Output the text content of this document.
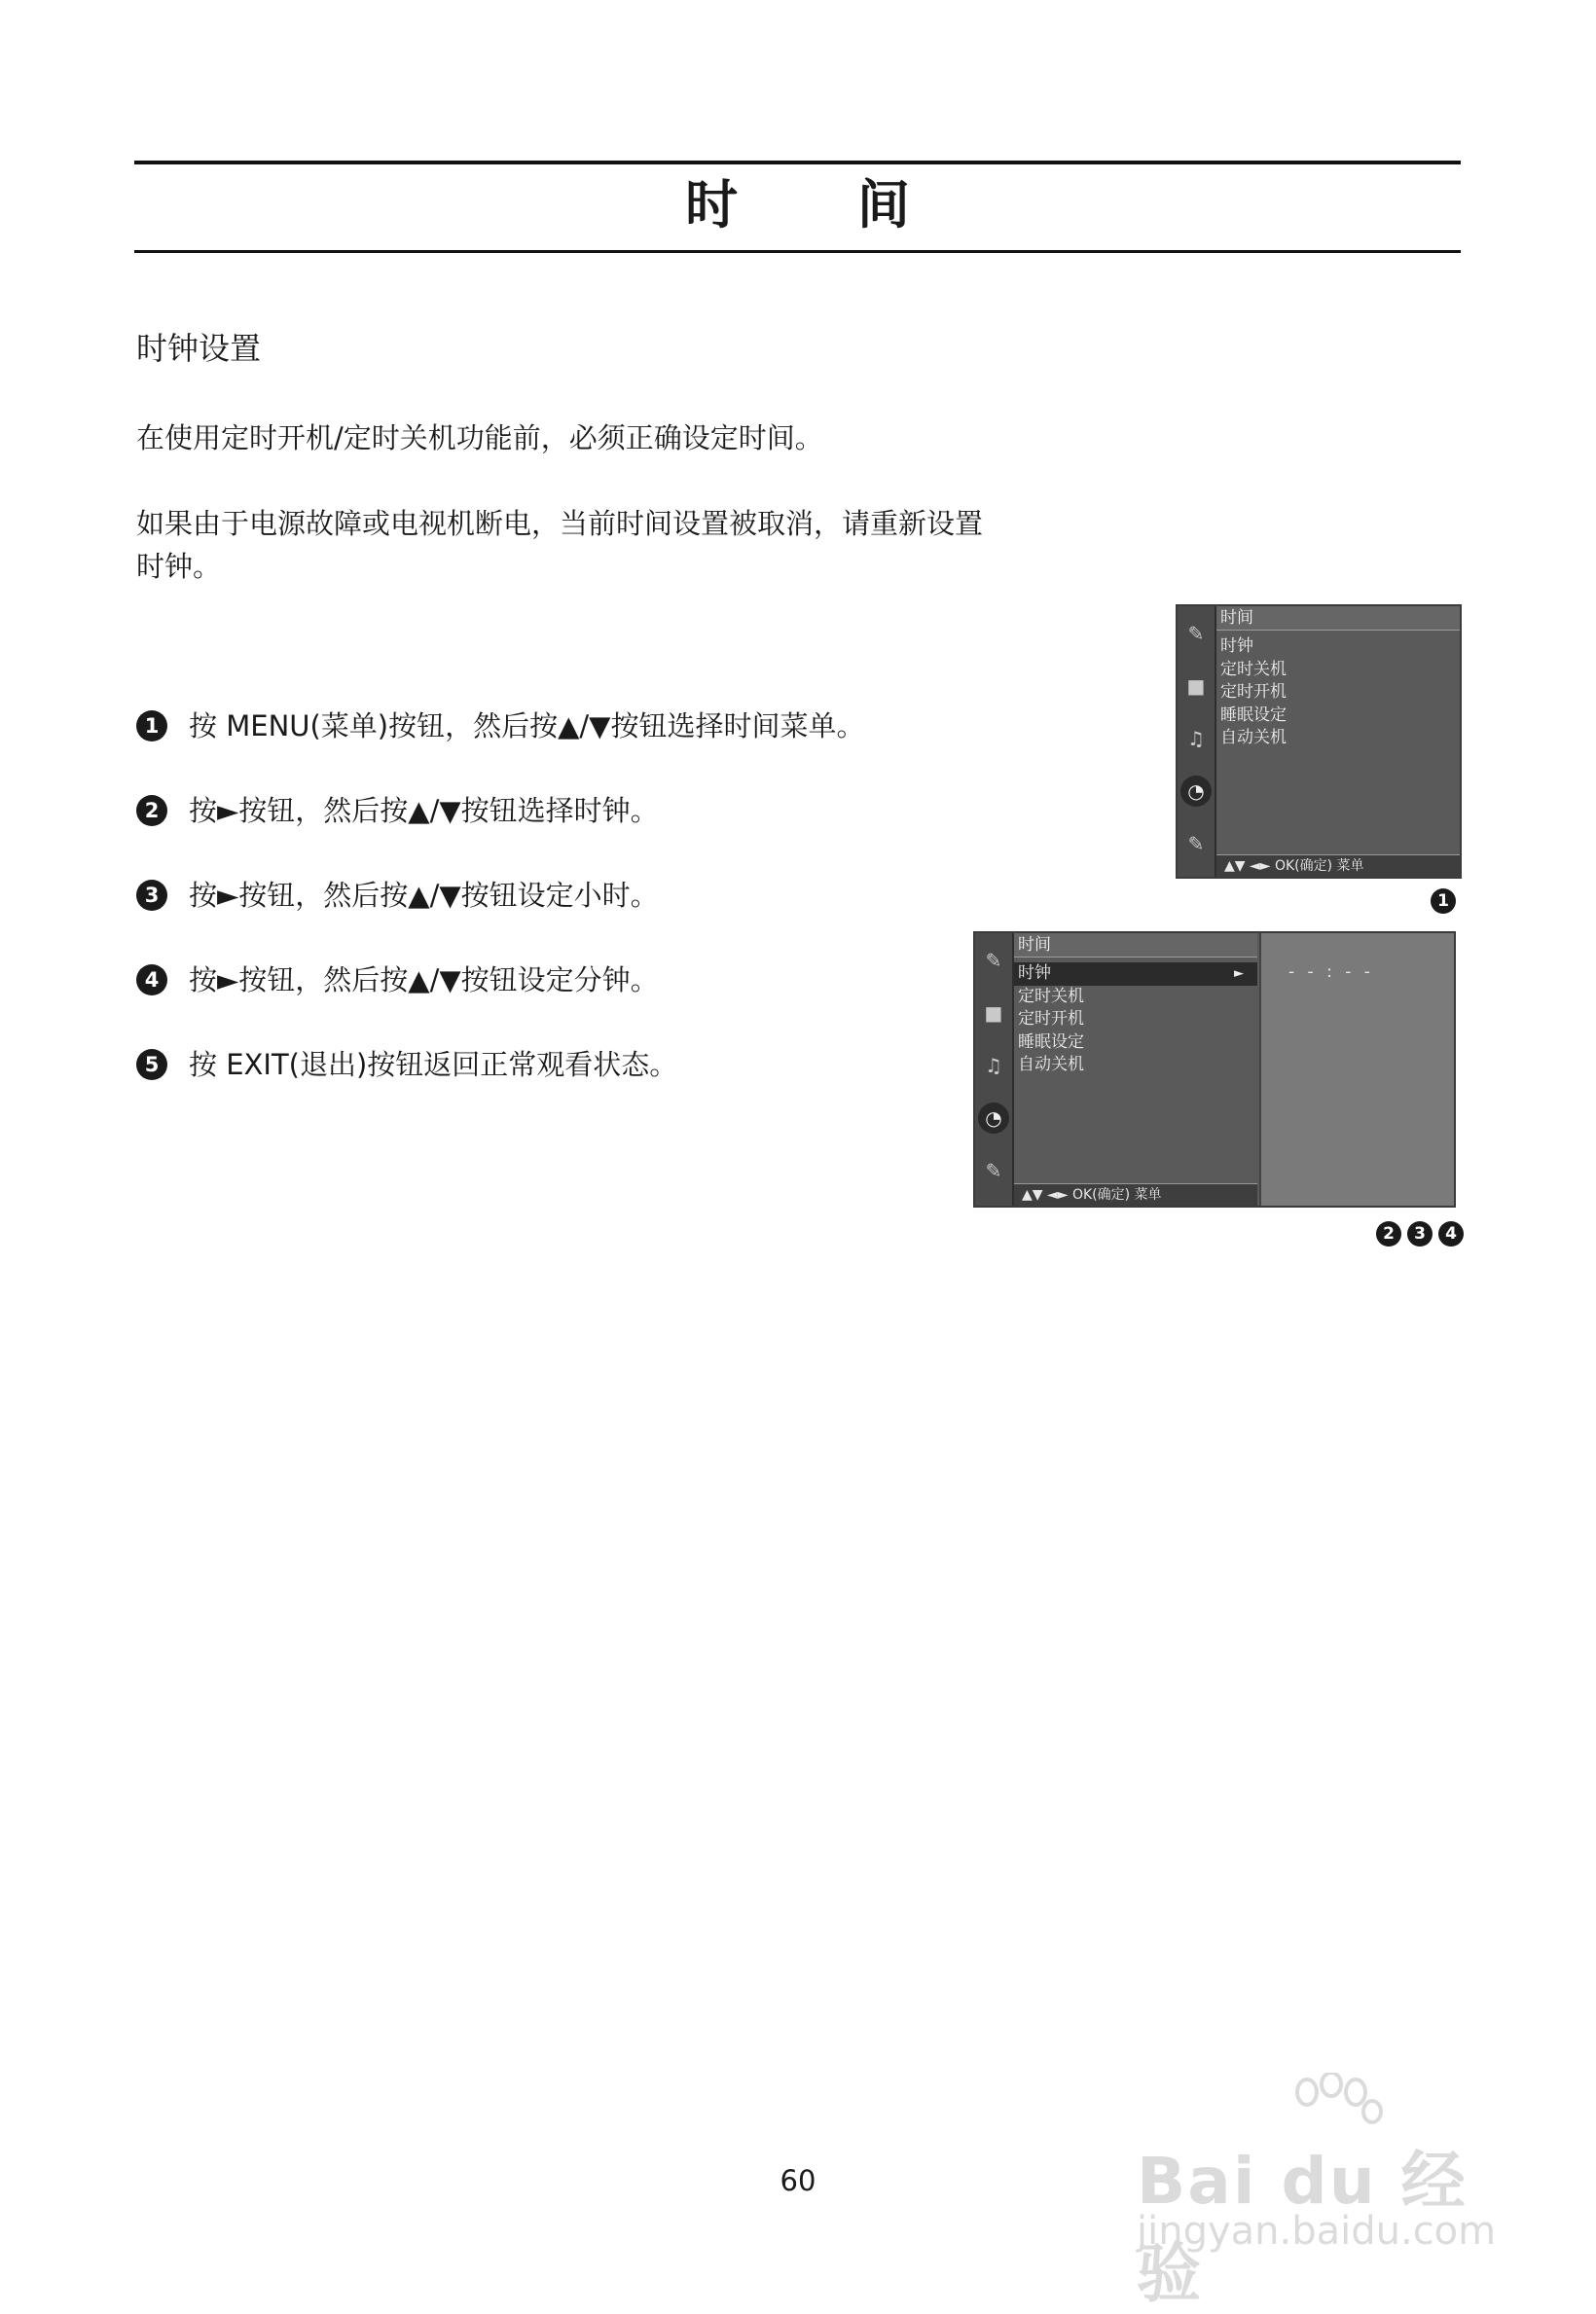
时 间
时钟设置
在使用定时开机/定时关机功能前，必须正确设定时间。
如果由于电源故障或电视机断电，当前时间设置被取消，请重新设置时钟。
1 按 MENU(菜单)按钮，然后按▲/▼按钮选择时间菜单。
2 按►按钮，然后按▲/▼按钮选择时钟。
3 按►按钮，然后按▲/▼按钮设定小时。
4 按►按钮，然后按▲/▼按钮设定分钟。
5 按 EXIT(退出)按钮返回正常观看状态。
✎
■
♫
◔
✎
时间
时钟
定时关机
定时开机
睡眠设定
自动关机
▲▼ ◄► OK(确定) 菜单
1
✎
■
♫
◔
✎
时间
时钟	►
定时关机
定时开机
睡眠设定
自动关机
▲▼ ◄► OK(确定) 菜单
- - : - -
2	3	4
60	Bai du 经验
jingyan.baidu.com
